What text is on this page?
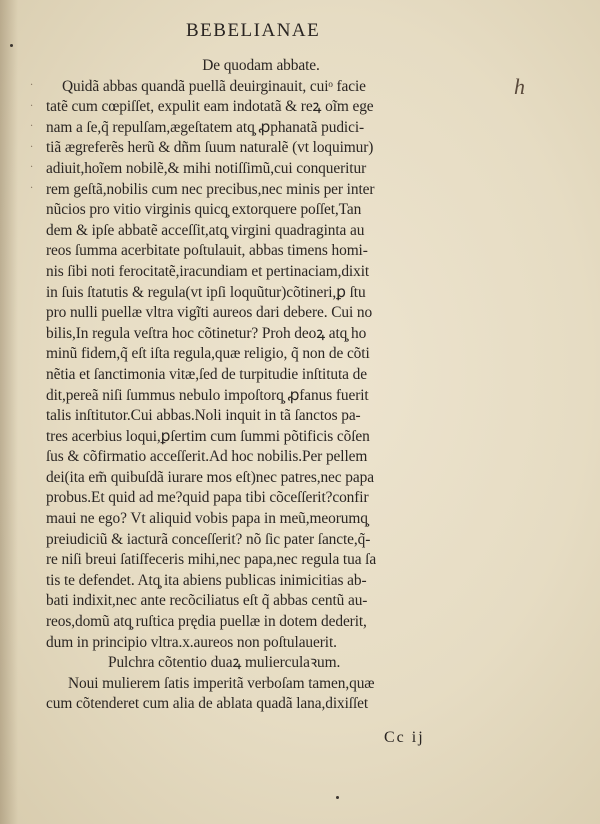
BEBELIANAE
h
·
·
·
·
·
·
De quodam abbate.
Quidã abbas quandã puellã deuirginauit, cuiᵒ facie
tatẽ cum cœpiſſet, expulit eam indotatã & reꝝ oĩm ege
nam a ſe,q̃ repulſam,ægeſtatem atq̧ ꝓphanatã pudici-
tiã ægreferẽs herũ & dñm ſuum naturalẽ (vt loquimur)
adiuit,hoĩem nobilẽ,& mihi notiſſimũ,cui conqueritur
rem geſtã,nobilis cum nec precibus,nec minis per inter
nũcios pro vitio virginis quicq̧ extorquere poſſet,Tan
dem & ipſe abbatẽ acceſſit,atq̧ virgini quadraginta au
reos ſumma acerbitate poſtulauit, abbas timens homi-
nis ſibi noti ferocitatẽ,iracundiam et pertinaciam,dixit
in ſuis ſtatutis & regula(vt ipſi loquũtur)cõtineri,ꝑ ſtu
pro nulli puellæ vltra vigĩti aureos dari debere. Cui no
bilis,In regula veſtra hoc cõtinetur? Proh deoꝝ atq̧ ho
minũ fidem,q̃ eſt iſta regula,quæ religio, q̃ non de cõti
nẽtia et ſanctimonia vitæ,ſed de turpitudie inſtituta de
dit,pereã niſi ſummus nebulo impoſtorq̧ ꝓfanus fuerit
talis inſtitutor.Cui abbas.Noli inquit in tã ſanctos pa-
tres acerbius loqui,ꝑſertim cum ſummi põtificis cõſen
ſus & cõfirmatio acceſſerit.Ad hoc nobilis.Per pellem
dei(ita em̃ quibuſdã iurare mos eſt)nec patres,nec papa
probus.Et quid ad me?quid papa tibi cõceſſerit?confir
maui ne ego? Vt aliquid vobis papa in meũ,meorumq̧
preiudiciũ & iacturã conceſſerit? nõ ſic pater ſancte,q̃-
re niſi breui ſatiſfeceris mihi,nec papa,nec regula tua ſa
tis te defendet. Atq̧ ita abiens publicas inimicitias ab-
bati indixit,nec ante recõciliatus eſt q̃ abbas centũ au-
reos,domũ atq̧ ruſtica prędia puellæ in dotem dederit,
dum in principio vltra.x.aureos non poſtulauerit.
Pulchra cõtentio duaꝝ mulierculaꝛum.
Noui mulierem ſatis imperitã verboſam tamen,quæ
cum cõtenderet cum alia de ablata quadã lana,dixiſſet
Cc ij
